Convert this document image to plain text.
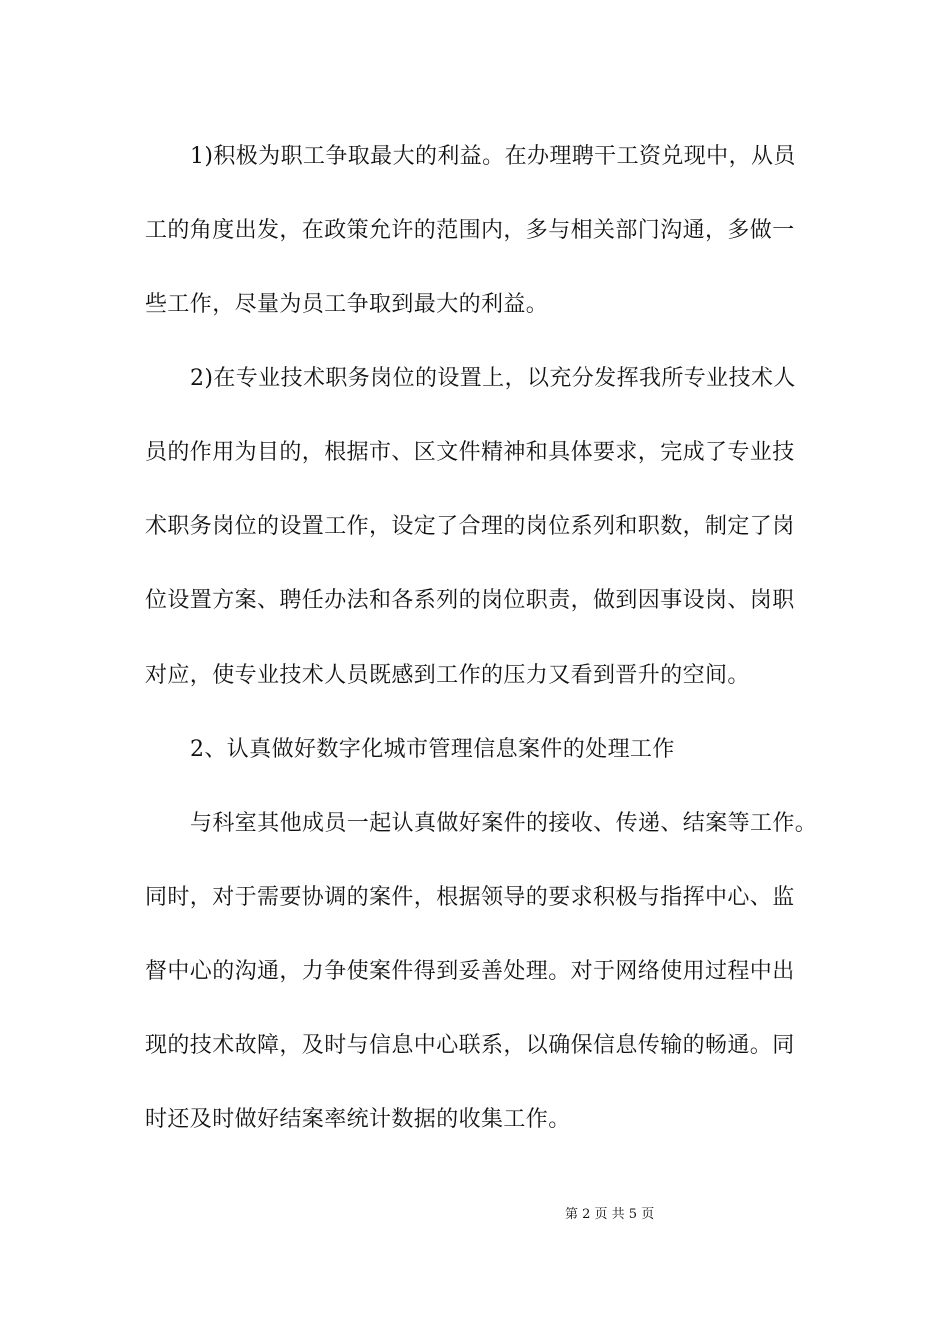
1)积极为职工争取最大的利益。在办理聘干工资兑现中，从员
工的角度出发，在政策允许的范围内，多与相关部门沟通，多做一
些工作，尽量为员工争取到最大的利益。
2)在专业技术职务岗位的设置上，以充分发挥我所专业技术人
员的作用为目的，根据市、区文件精神和具体要求，完成了专业技
术职务岗位的设置工作，设定了合理的岗位系列和职数，制定了岗
位设置方案、聘任办法和各系列的岗位职责，做到因事设岗、岗职
对应，使专业技术人员既感到工作的压力又看到晋升的空间。
2、认真做好数字化城市管理信息案件的处理工作
与科室其他成员一起认真做好案件的接收、传递、结案等工作。
同时，对于需要协调的案件，根据领导的要求积极与指挥中心、监
督中心的沟通，力争使案件得到妥善处理。对于网络使用过程中出
现的技术故障，及时与信息中心联系，以确保信息传输的畅通。同
时还及时做好结案率统计数据的收集工作。
第 2 页 共 5 页
